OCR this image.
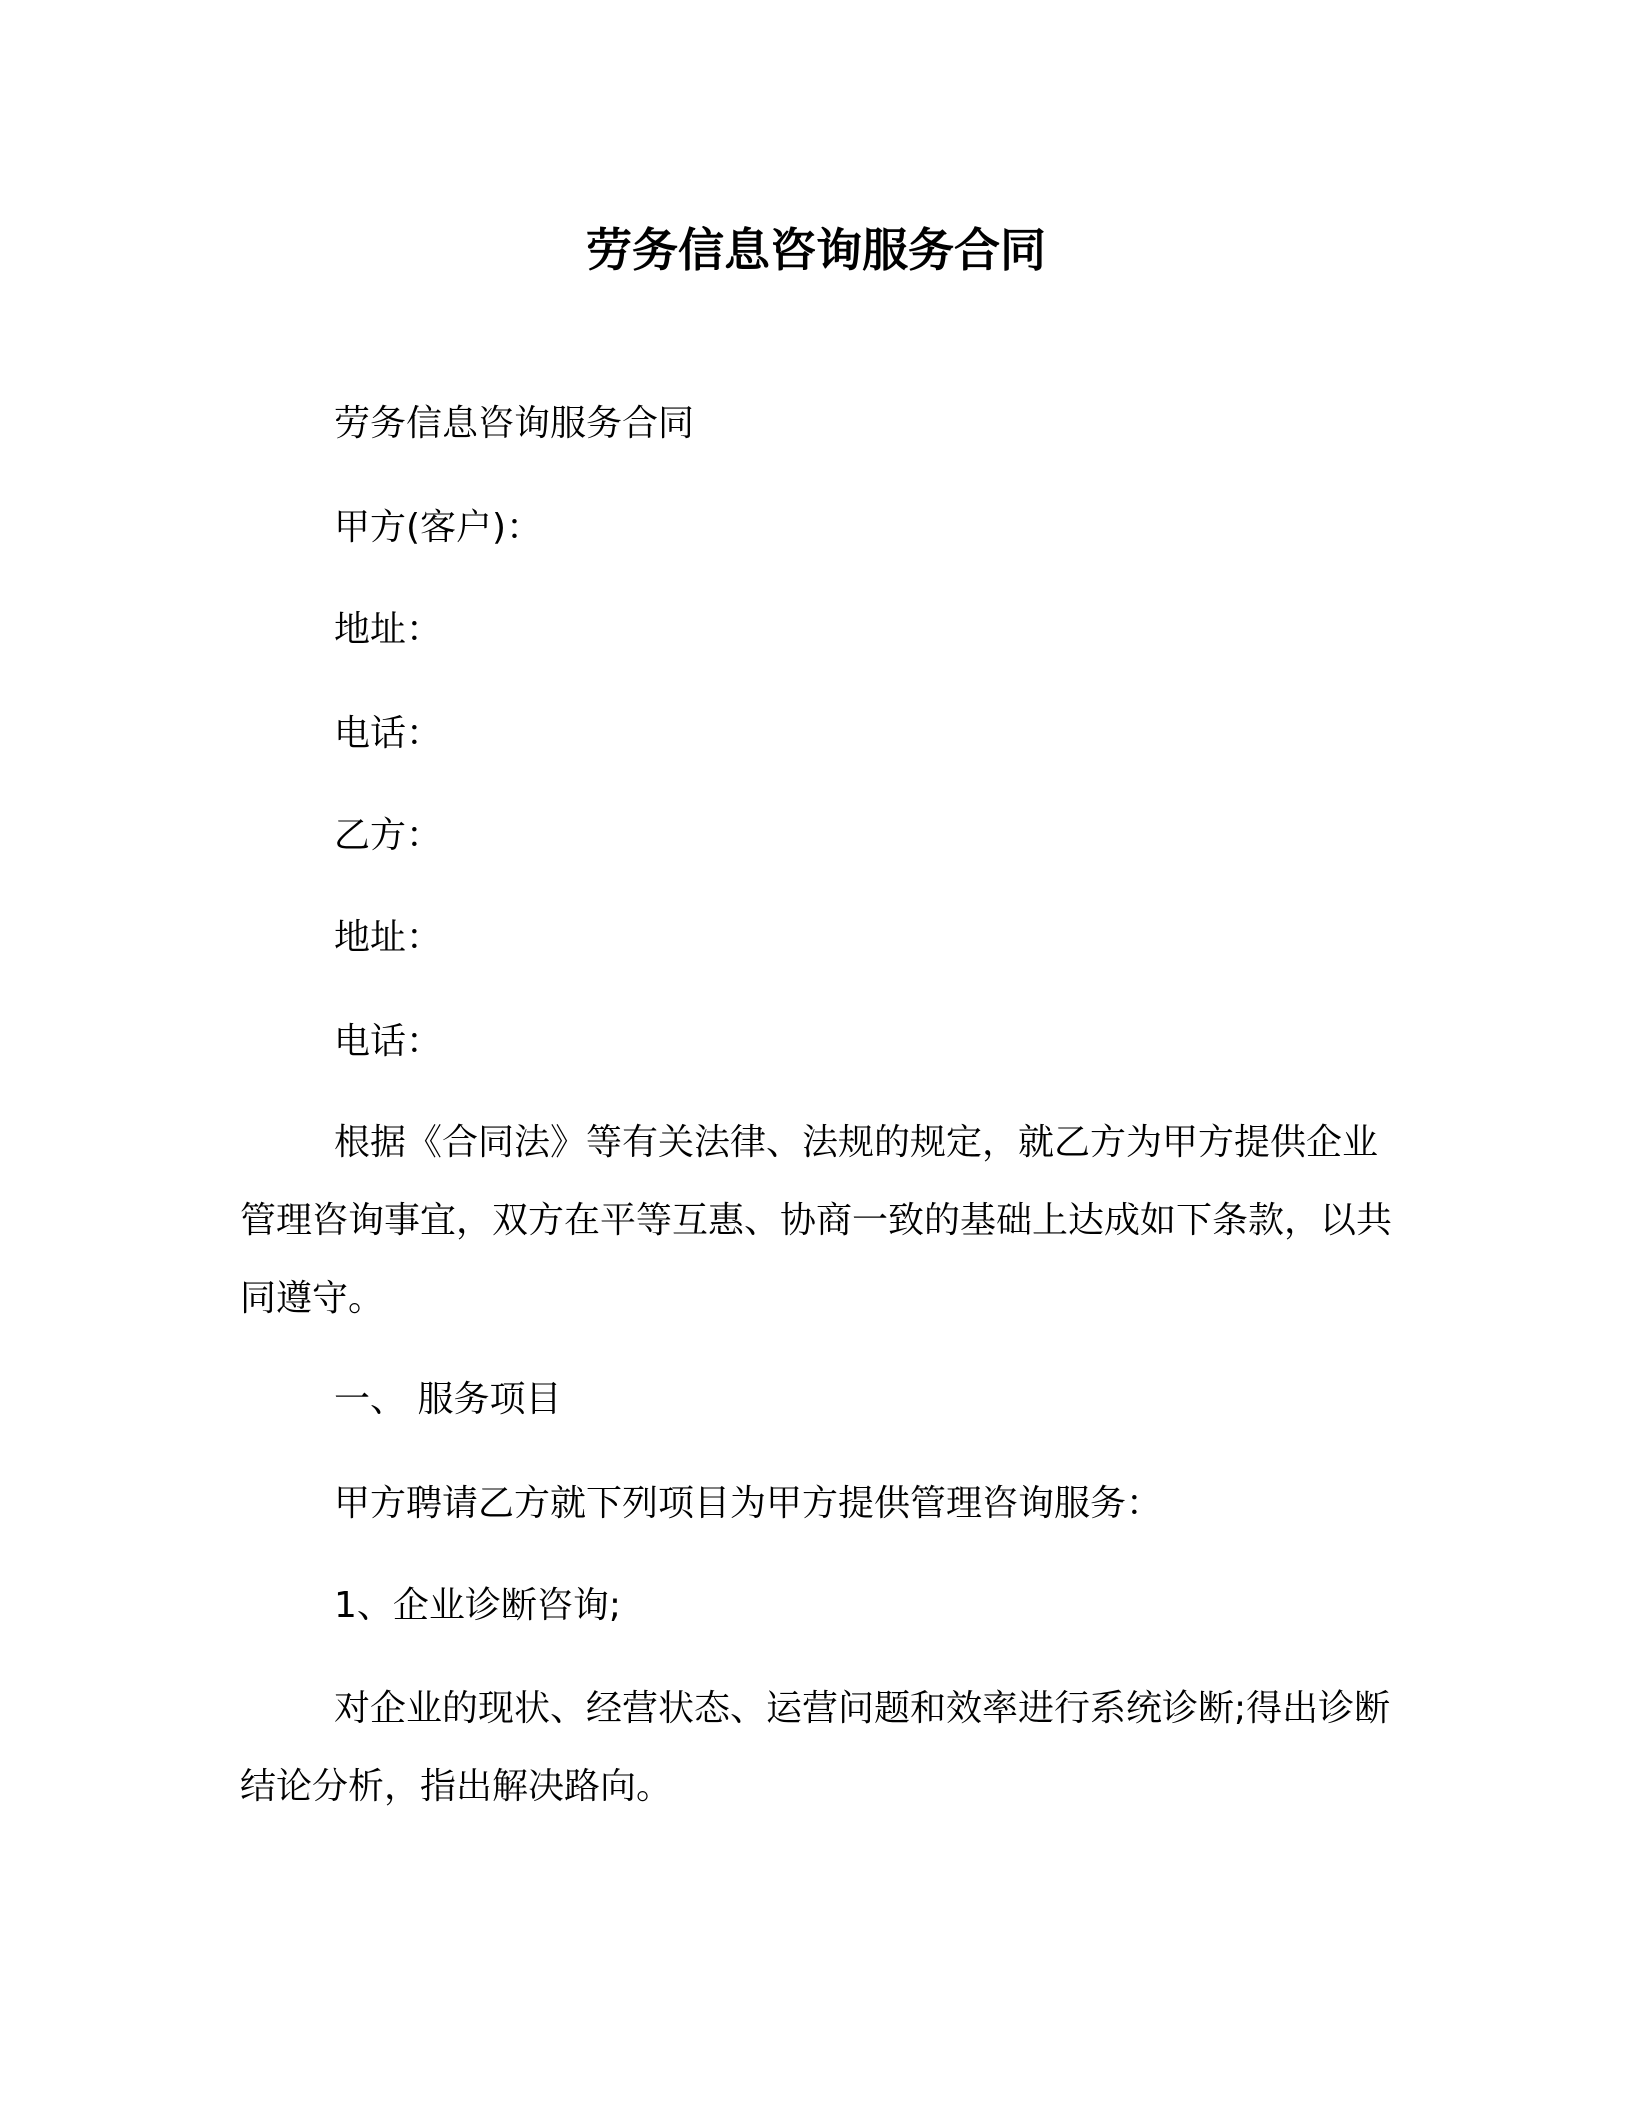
劳务信息咨询服务合同
劳务信息咨询服务合同
甲方(客户)：
地址：
电话：
乙方：
地址：
电话：
根据《合同法》等有关法律、法规的规定，就乙方为甲方提供企业管理咨询事宜，双方在平等互惠、协商一致的基础上达成如下条款，以共同遵守。
一、 服务项目
甲方聘请乙方就下列项目为甲方提供管理咨询服务：
1、企业诊断咨询;
对企业的现状、经营状态、运营问题和效率进行系统诊断;得出诊断结论分析，指出解决路向。
